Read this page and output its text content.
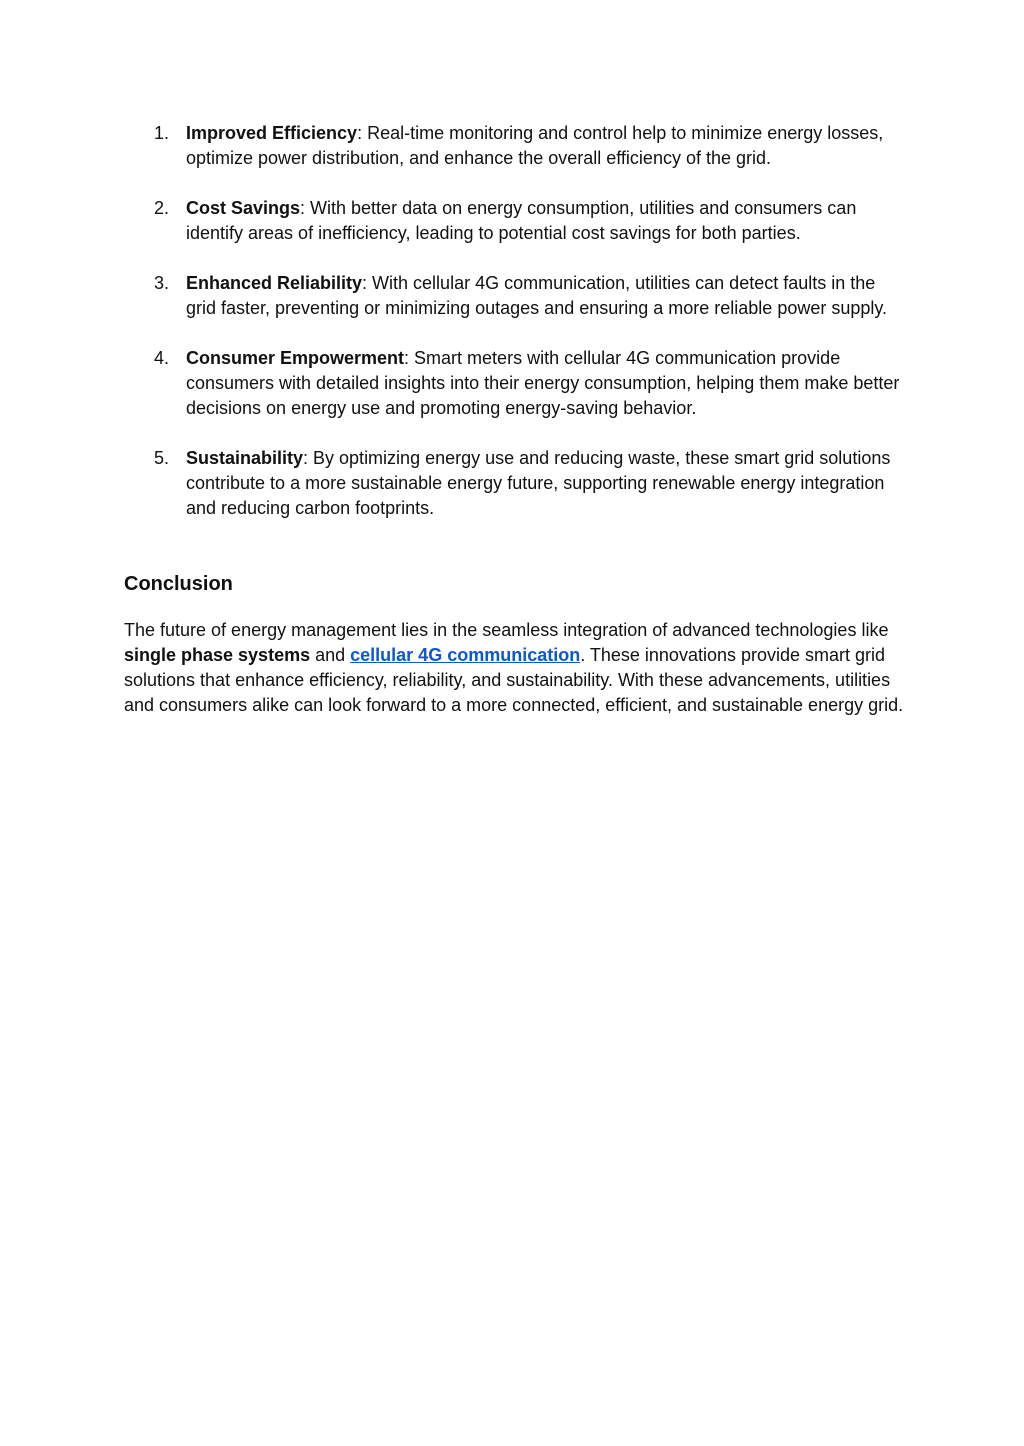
1. Improved Efficiency: Real-time monitoring and control help to minimize energy losses, optimize power distribution, and enhance the overall efficiency of the grid.
2. Cost Savings: With better data on energy consumption, utilities and consumers can identify areas of inefficiency, leading to potential cost savings for both parties.
3. Enhanced Reliability: With cellular 4G communication, utilities can detect faults in the grid faster, preventing or minimizing outages and ensuring a more reliable power supply.
4. Consumer Empowerment: Smart meters with cellular 4G communication provide consumers with detailed insights into their energy consumption, helping them make better decisions on energy use and promoting energy-saving behavior.
5. Sustainability: By optimizing energy use and reducing waste, these smart grid solutions contribute to a more sustainable energy future, supporting renewable energy integration and reducing carbon footprints.
Conclusion

The future of energy management lies in the seamless integration of advanced technologies like single phase systems and cellular 4G communication. These innovations provide smart grid solutions that enhance efficiency, reliability, and sustainability. With these advancements, utilities and consumers alike can look forward to a more connected, efficient, and sustainable energy grid.
